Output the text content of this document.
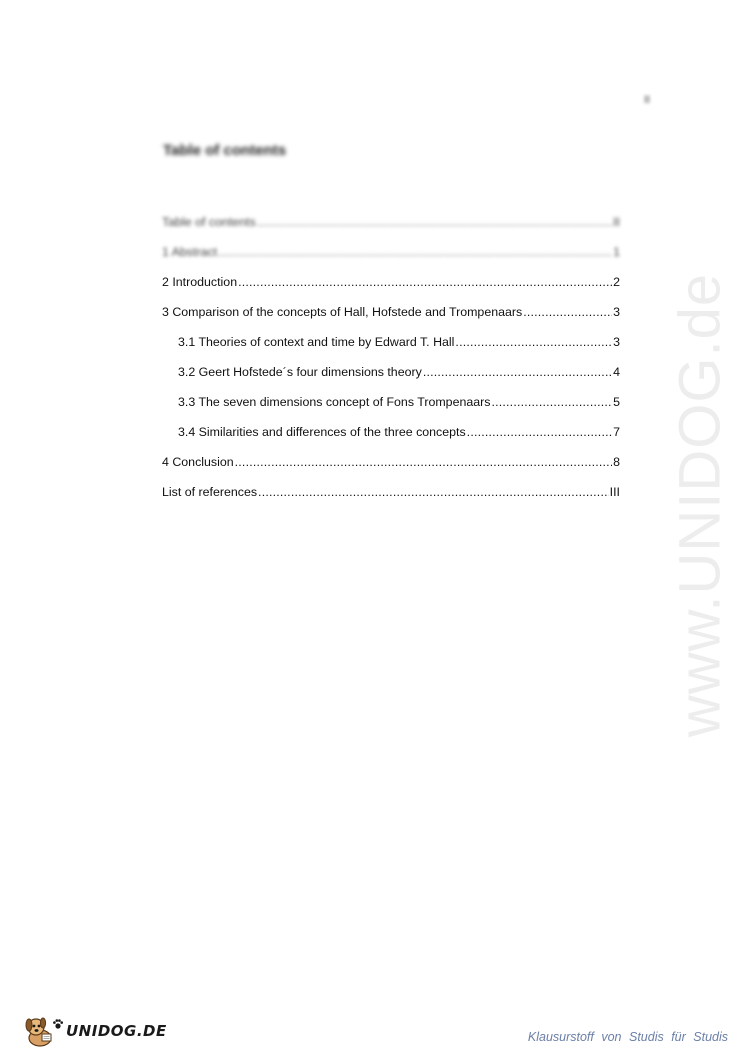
II
Table of contents
Table of contents .....	II
1 Abstract .....	1
2 Introduction .....	2
3 Comparison of the concepts of Hall, Hofstede and Trompenaars .....	3
3.1 Theories of context and time by Edward T. Hall .....	3
3.2 Geert Hofstede´s four dimensions theory .....	4
3.3 The seven dimensions concept of Fons Trompenaars .....	5
3.4 Similarities and differences of the three concepts .....	7
4 Conclusion .....	8
List of references .....	III www.UNIDOG.de
UNIDOG.DE	Klausurstoff von Studis für Studis
